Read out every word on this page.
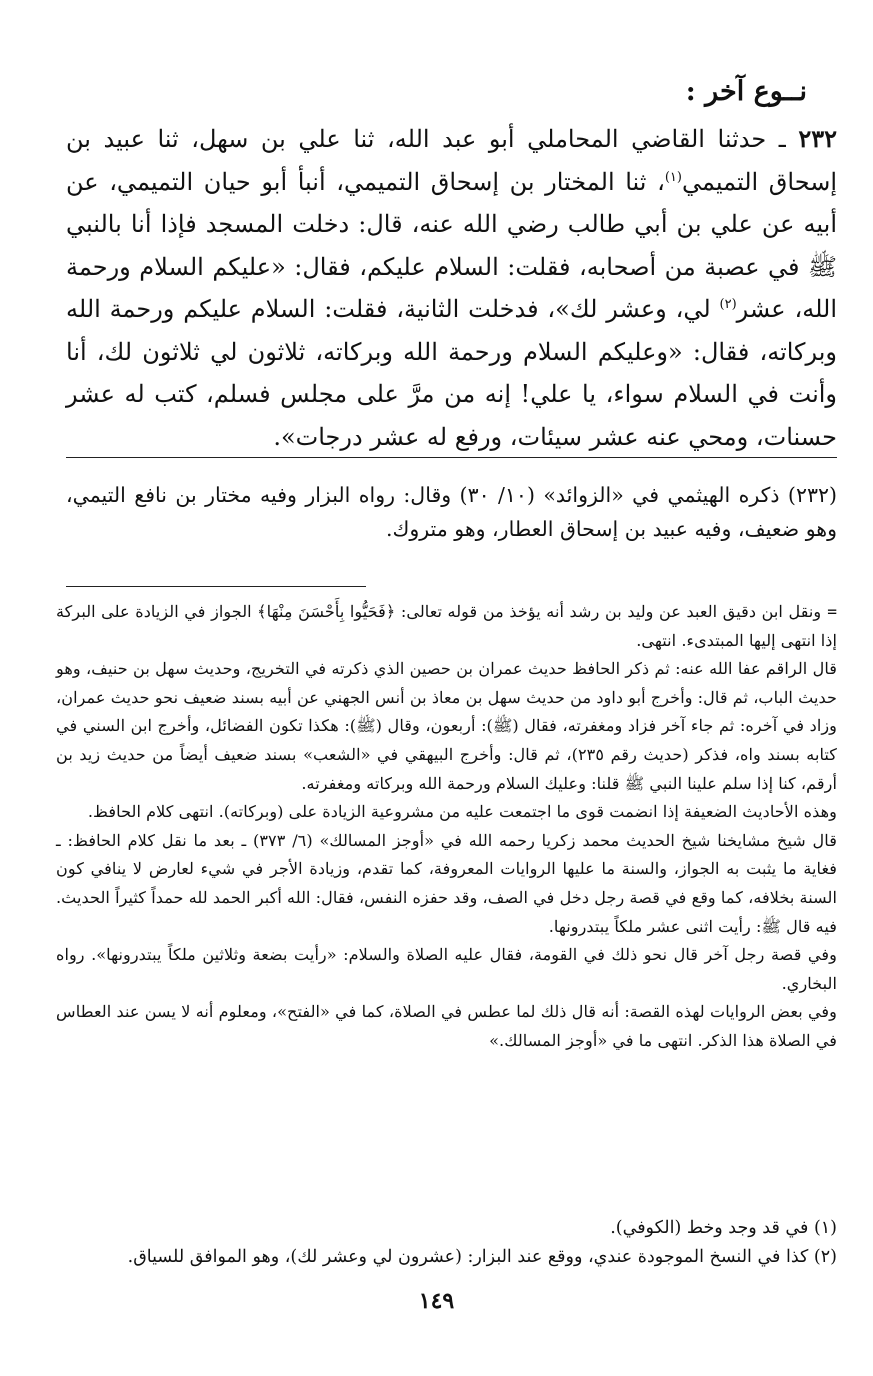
نــوع آخر :

٢٣٢ ـ حدثنا القاضي المحاملي أبو عبد الله، ثنا علي بن سهل، ثنا عبيد بن إسحاق التميمي$^{(١)}$، ثنا المختار بن إسحاق التميمي، أنبأ أبو حيان التميمي، عن أبيه عن علي بن أبي طالب رضي الله عنه، قال: دخلت المسجد فإذا أنا بالنبي ﷺ في عصبة من أصحابه، فقلت: السلام عليكم، فقال: «عليكم السلام ورحمة الله، عشر$^{(٢)}$ لي، وعشر لك»، فدخلت الثانية، فقلت: السلام عليكم ورحمة الله وبركاته، فقال: «وعليكم السلام ورحمة الله وبركاته، ثلاثون لي ثلاثون لك، أنا وأنت في السلام سواء، يا علي! إنه من مرَّ على مجلس فسلم، كتب له عشر حسنات، ومحي عنه عشر سيئات، ورفع له عشر درجات».

(٢٣٢) ذكره الهيثمي في «الزوائد» (١٠/ ٣٠) وقال: رواه البزار وفيه مختار بن نافع التيمي، وهو ضعيف، وفيه عبيد بن إسحاق العطار، وهو متروك.

=ونقل ابن دقيق العبد عن وليد بن رشد أنه يؤخذ من قوله تعالى: ﴿فَحَيُّوا بِأَحْسَنَ مِنْهَا﴾ الجواز في الزيادة على البركة إذا انتهى إليها المبتدىء. انتهى.

قال الراقم عفا الله عنه: ثم ذكر الحافظ حديث عمران بن حصين الذي ذكرته في التخريج، وحديث سهل بن حنيف، وهو حديث الباب، ثم قال: وأخرج أبو داود من حديث سهل بن معاذ بن أنس الجهني عن أبيه بسند ضعيف نحو حديث عمران، وزاد في آخره: ثم جاء آخر فزاد ومغفرته، فقال (ﷺ): أربعون، وقال (ﷺ): هكذا تكون الفضائل، وأخرج ابن السني في كتابه بسند واه، فذكر (حديث رقم ٢٣٥)، ثم قال: وأخرج البيهقي في «الشعب» بسند ضعيف أيضاً من حديث زيد بن أرقم، كنا إذا سلم علينا النبي ﷺ قلنا: وعليك السلام ورحمة الله وبركاته ومغفرته.

وهذه الأحاديث الضعيفة إذا انضمت قوى ما اجتمعت عليه من مشروعية الزيادة على (وبركاته). انتهى كلام الحافظ.

قال شيخ مشايخنا شيخ الحديث محمد زكريا رحمه الله في «أوجز المسالك» (٦/ ٣٧٣) ـ بعد ما نقل كلام الحافظ: ـ فغاية ما يثبت به الجواز، والسنة ما عليها الروايات المعروفة، كما تقدم، وزيادة الأجر في شيء لعارض لا ينافي كون السنة بخلافه، كما وقع في قصة رجل دخل في الصف، وقد حفزه النفس، فقال: الله أكبر الحمد لله حمداً كثيراً الحديث. فيه قال ﷺ: رأيت اثنى عشر ملكاً يبتدرونها.

وفي قصة رجل آخر قال نحو ذلك في القومة، فقال عليه الصلاة والسلام: «رأيت بضعة وثلاثين ملكاً يبتدرونها». رواه البخاري.

وفي بعض الروايات لهذه القصة: أنه قال ذلك لما عطس في الصلاة، كما في «الفتح»، ومعلوم أنه لا يسن عند العطاس في الصلاة هذا الذكر. انتهى ما في «أوجز المسالك.»

(١) في قد وجد وخط (الكوفي).

(٢) كذا في النسخ الموجودة عندي، ووقع عند البزار: (عشرون لي وعشر لك)، وهو الموافق للسياق.

١٤٩
